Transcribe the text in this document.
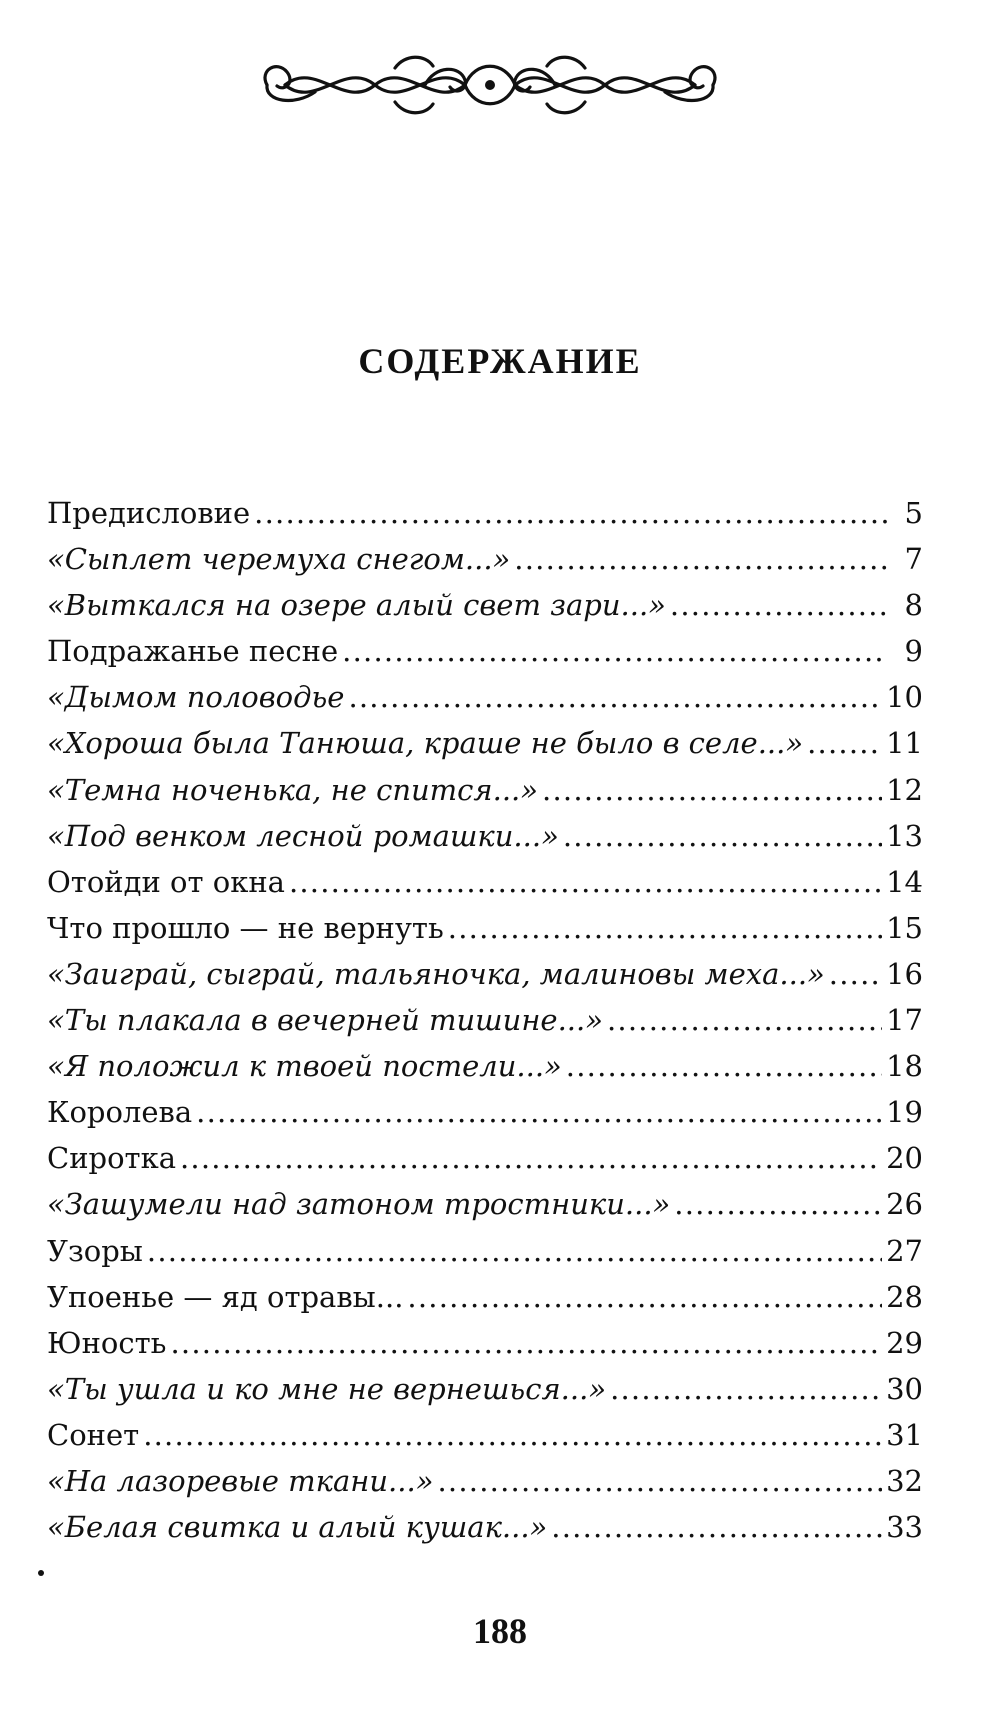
СОДЕРЖАНИЕ
Предисловие . . .	5
«Сыплет черемуха снегом...» . . .	7
«Выткался на озере алый свет зари...» . . .	8
Подражанье песне . . .	9
«Дымом половодье . . .	10
«Хороша была Танюша, краше не было в селе...» . . .	11
«Темна ноченька, не спится...» . . .	12
«Под венком лесной ромашки...» . . .	13
Отойди от окна . . .	14
Что прошло — не вернуть . . .	15
«Заиграй, сыграй, тальяночка, малиновы меха...» . . . 16
«Ты плакала в вечерней тишине...» . . .	17
«Я положил к твоей постели...» . . .	18
Королева . . .	19
Сиротка . . .	20
«Зашумели над затоном тростники...» . . .	26
Узоры . . .	27
Упоенье — яд отравы... . . .	28
Юность . . .	29
«Ты ушла и ко мне не вернешься...» . . .	30
Сонет . . .	31
«На лазоревые ткани...» . . .	32
«Белая свитка и алый кушак...» . . .	33
188
